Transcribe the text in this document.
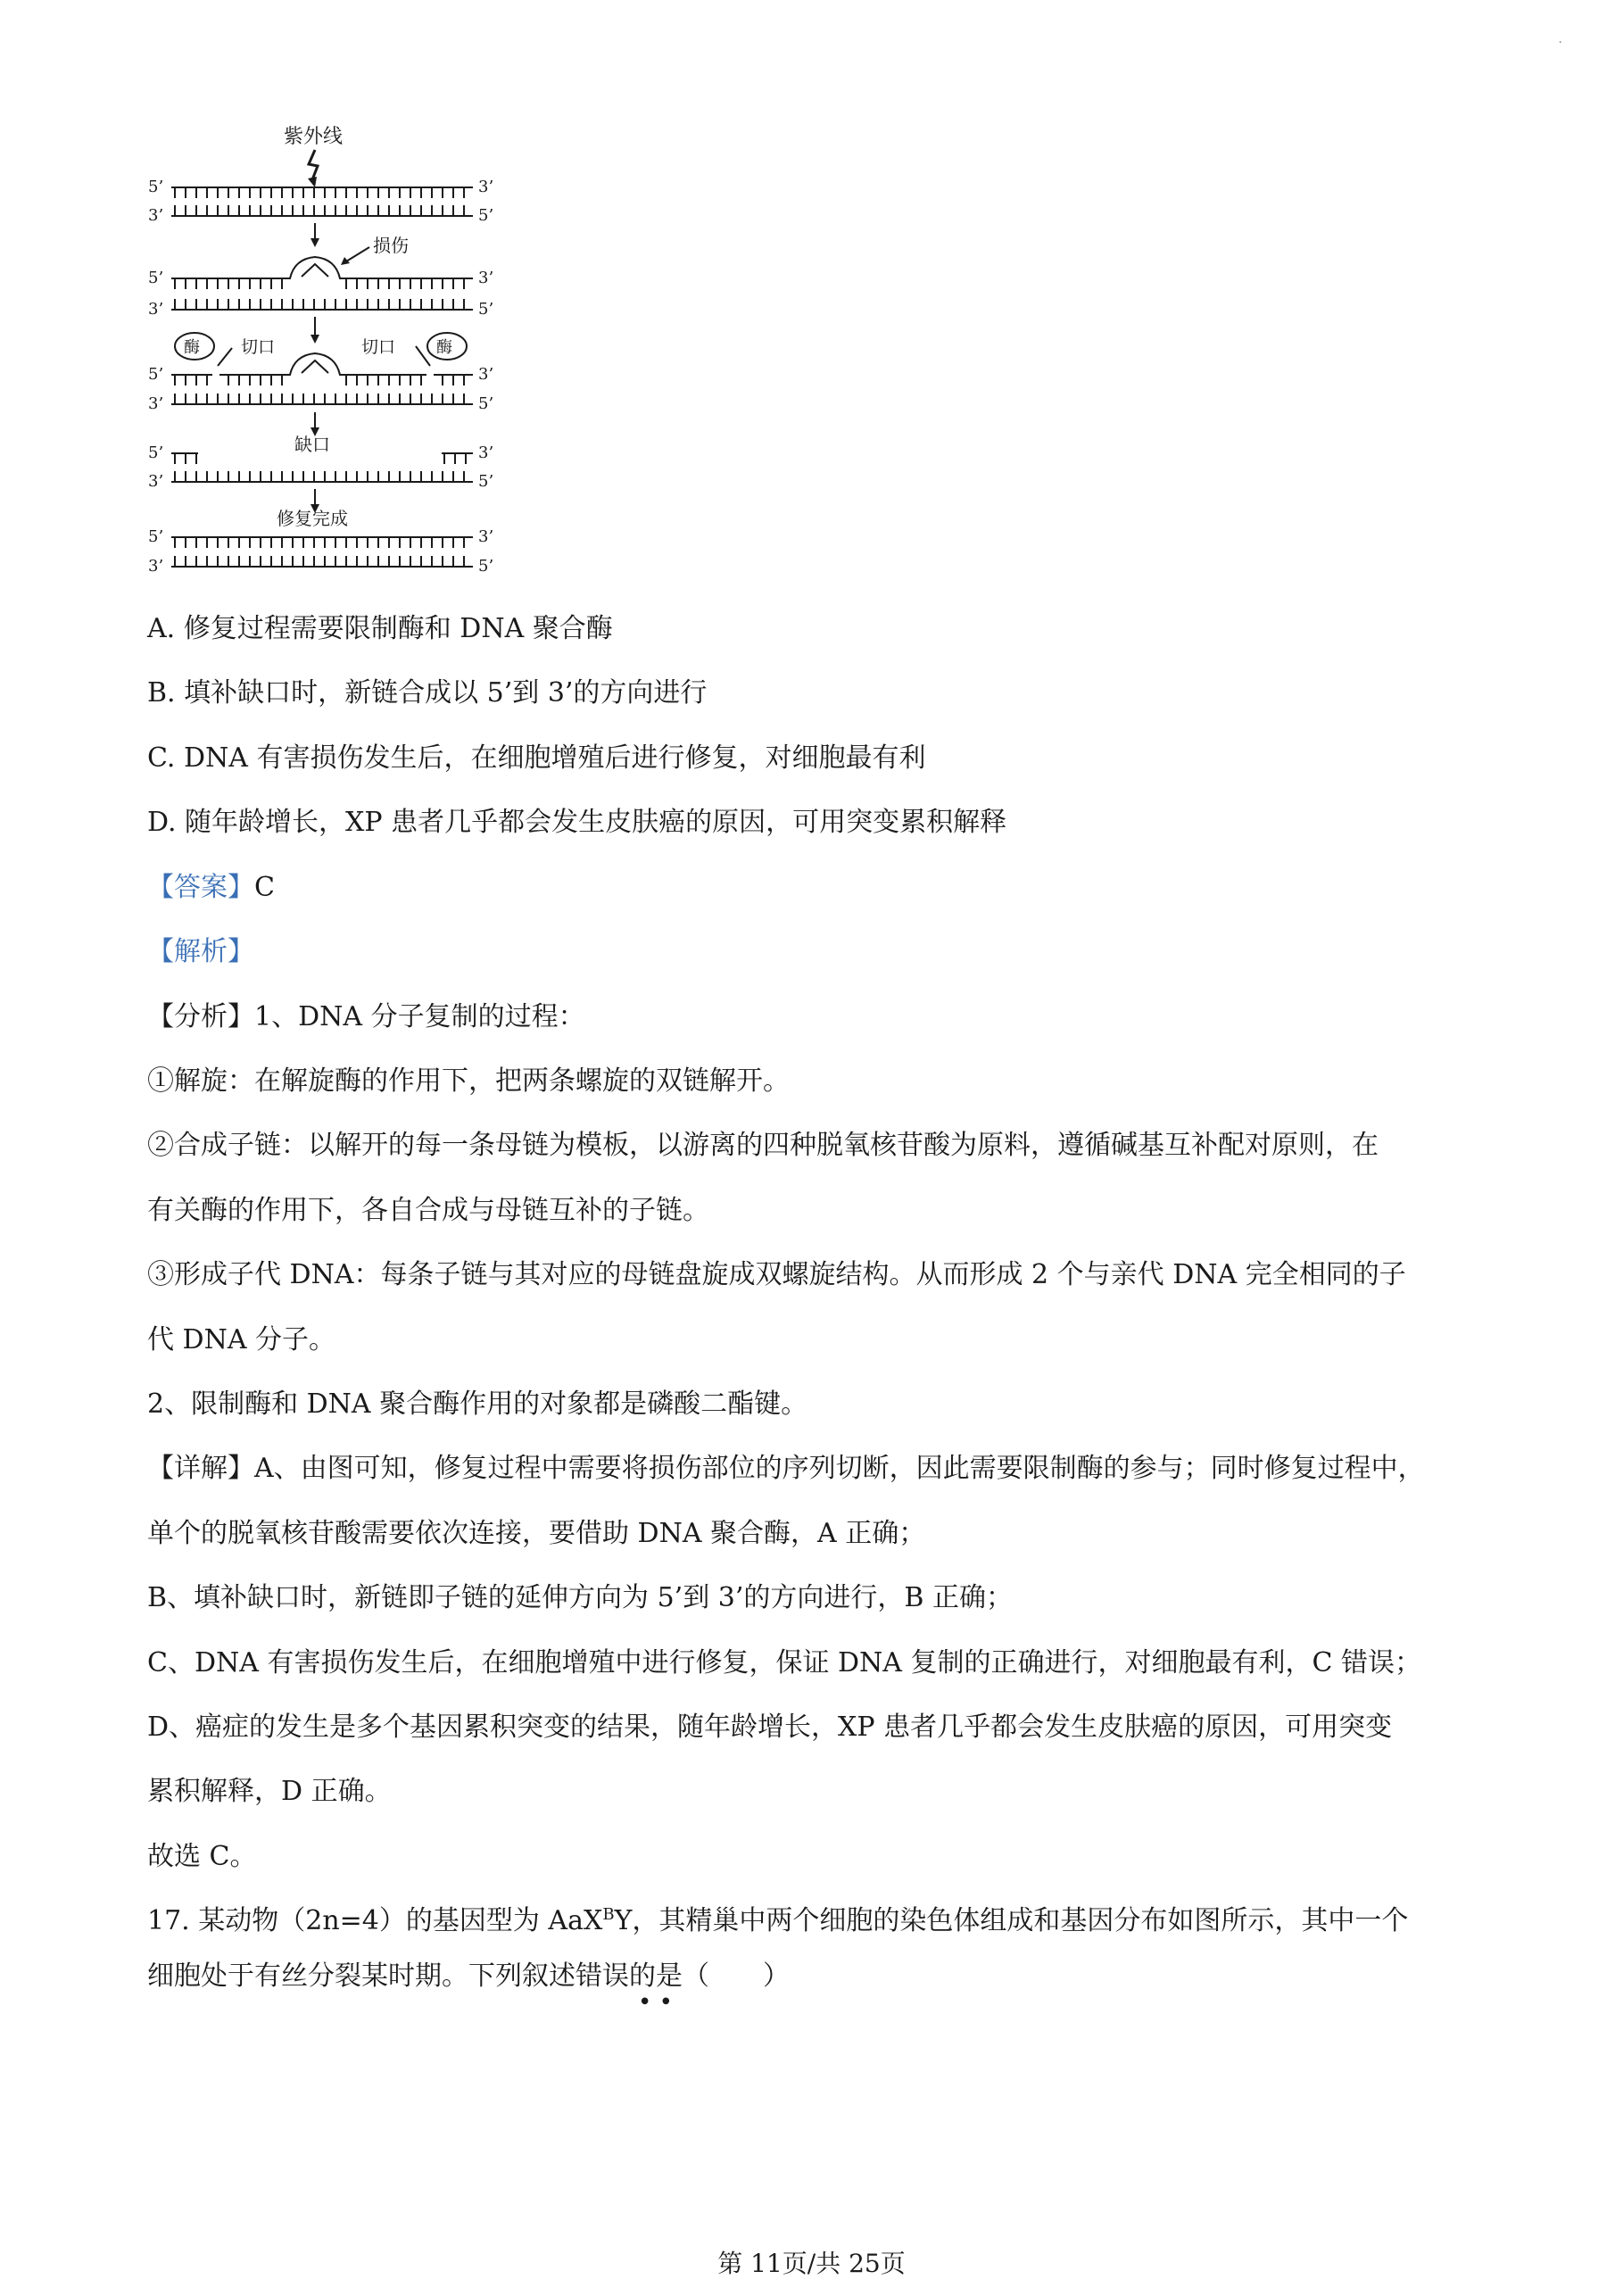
·
紫外线
5’	3’
3’	5’
5’	3’
3’	5’
损伤
酶 切口	切口	酶
5’	3’
3’	5’
缺口
5’	3’
3’	5’
修复完成
5’	3’
3’	5’
A. 修复过程需要限制酶和 DNA 聚合酶
B. 填补缺口时，新链合成以 5’到 3’的方向进行
C. DNA 有害损伤发生后，在细胞增殖后进行修复，对细胞最有利
D. 随年龄增长，XP 患者几乎都会发生皮肤癌的原因，可用突变累积解释
【答案】C
【解析】
【分析】1、DNA 分子复制的过程：
①解旋：在解旋酶的作用下，把两条螺旋的双链解开。
②合成子链：以解开的每一条母链为模板，以游离的四种脱氧核苷酸为原料，遵循碱基互补配对原则，在
有关酶的作用下，各自合成与母链互补的子链。
③形成子代 DNA：每条子链与其对应的母链盘旋成双螺旋结构。从而形成 2 个与亲代 DNA 完全相同的子
代 DNA 分子。
2、限制酶和 DNA 聚合酶作用的对象都是磷酸二酯键。
【详解】A、由图可知，修复过程中需要将损伤部位的序列切断，因此需要限制酶的参与；同时修复过程中，
单个的脱氧核苷酸需要依次连接，要借助 DNA 聚合酶，A 正确；
B、填补缺口时，新链即子链的延伸方向为 5’到 3’的方向进行，B 正确；
C、DNA 有害损伤发生后，在细胞增殖中进行修复，保证 DNA 复制的正确进行，对细胞最有利，C 错误；
D、癌症的发生是多个基因累积突变的结果，随年龄增长，XP 患者几乎都会发生皮肤癌的原因，可用突变
累积解释，D 正确。
故选 C。
17. 某动物（2n=4）的基因型为 AaX$^B$Y，其精巢中两个细胞的染色体组成和基因分布如图所示，其中一个
细胞处于有丝分裂某时期。下列叙述错误的是（　　）
• •
第 11页/共 25页
